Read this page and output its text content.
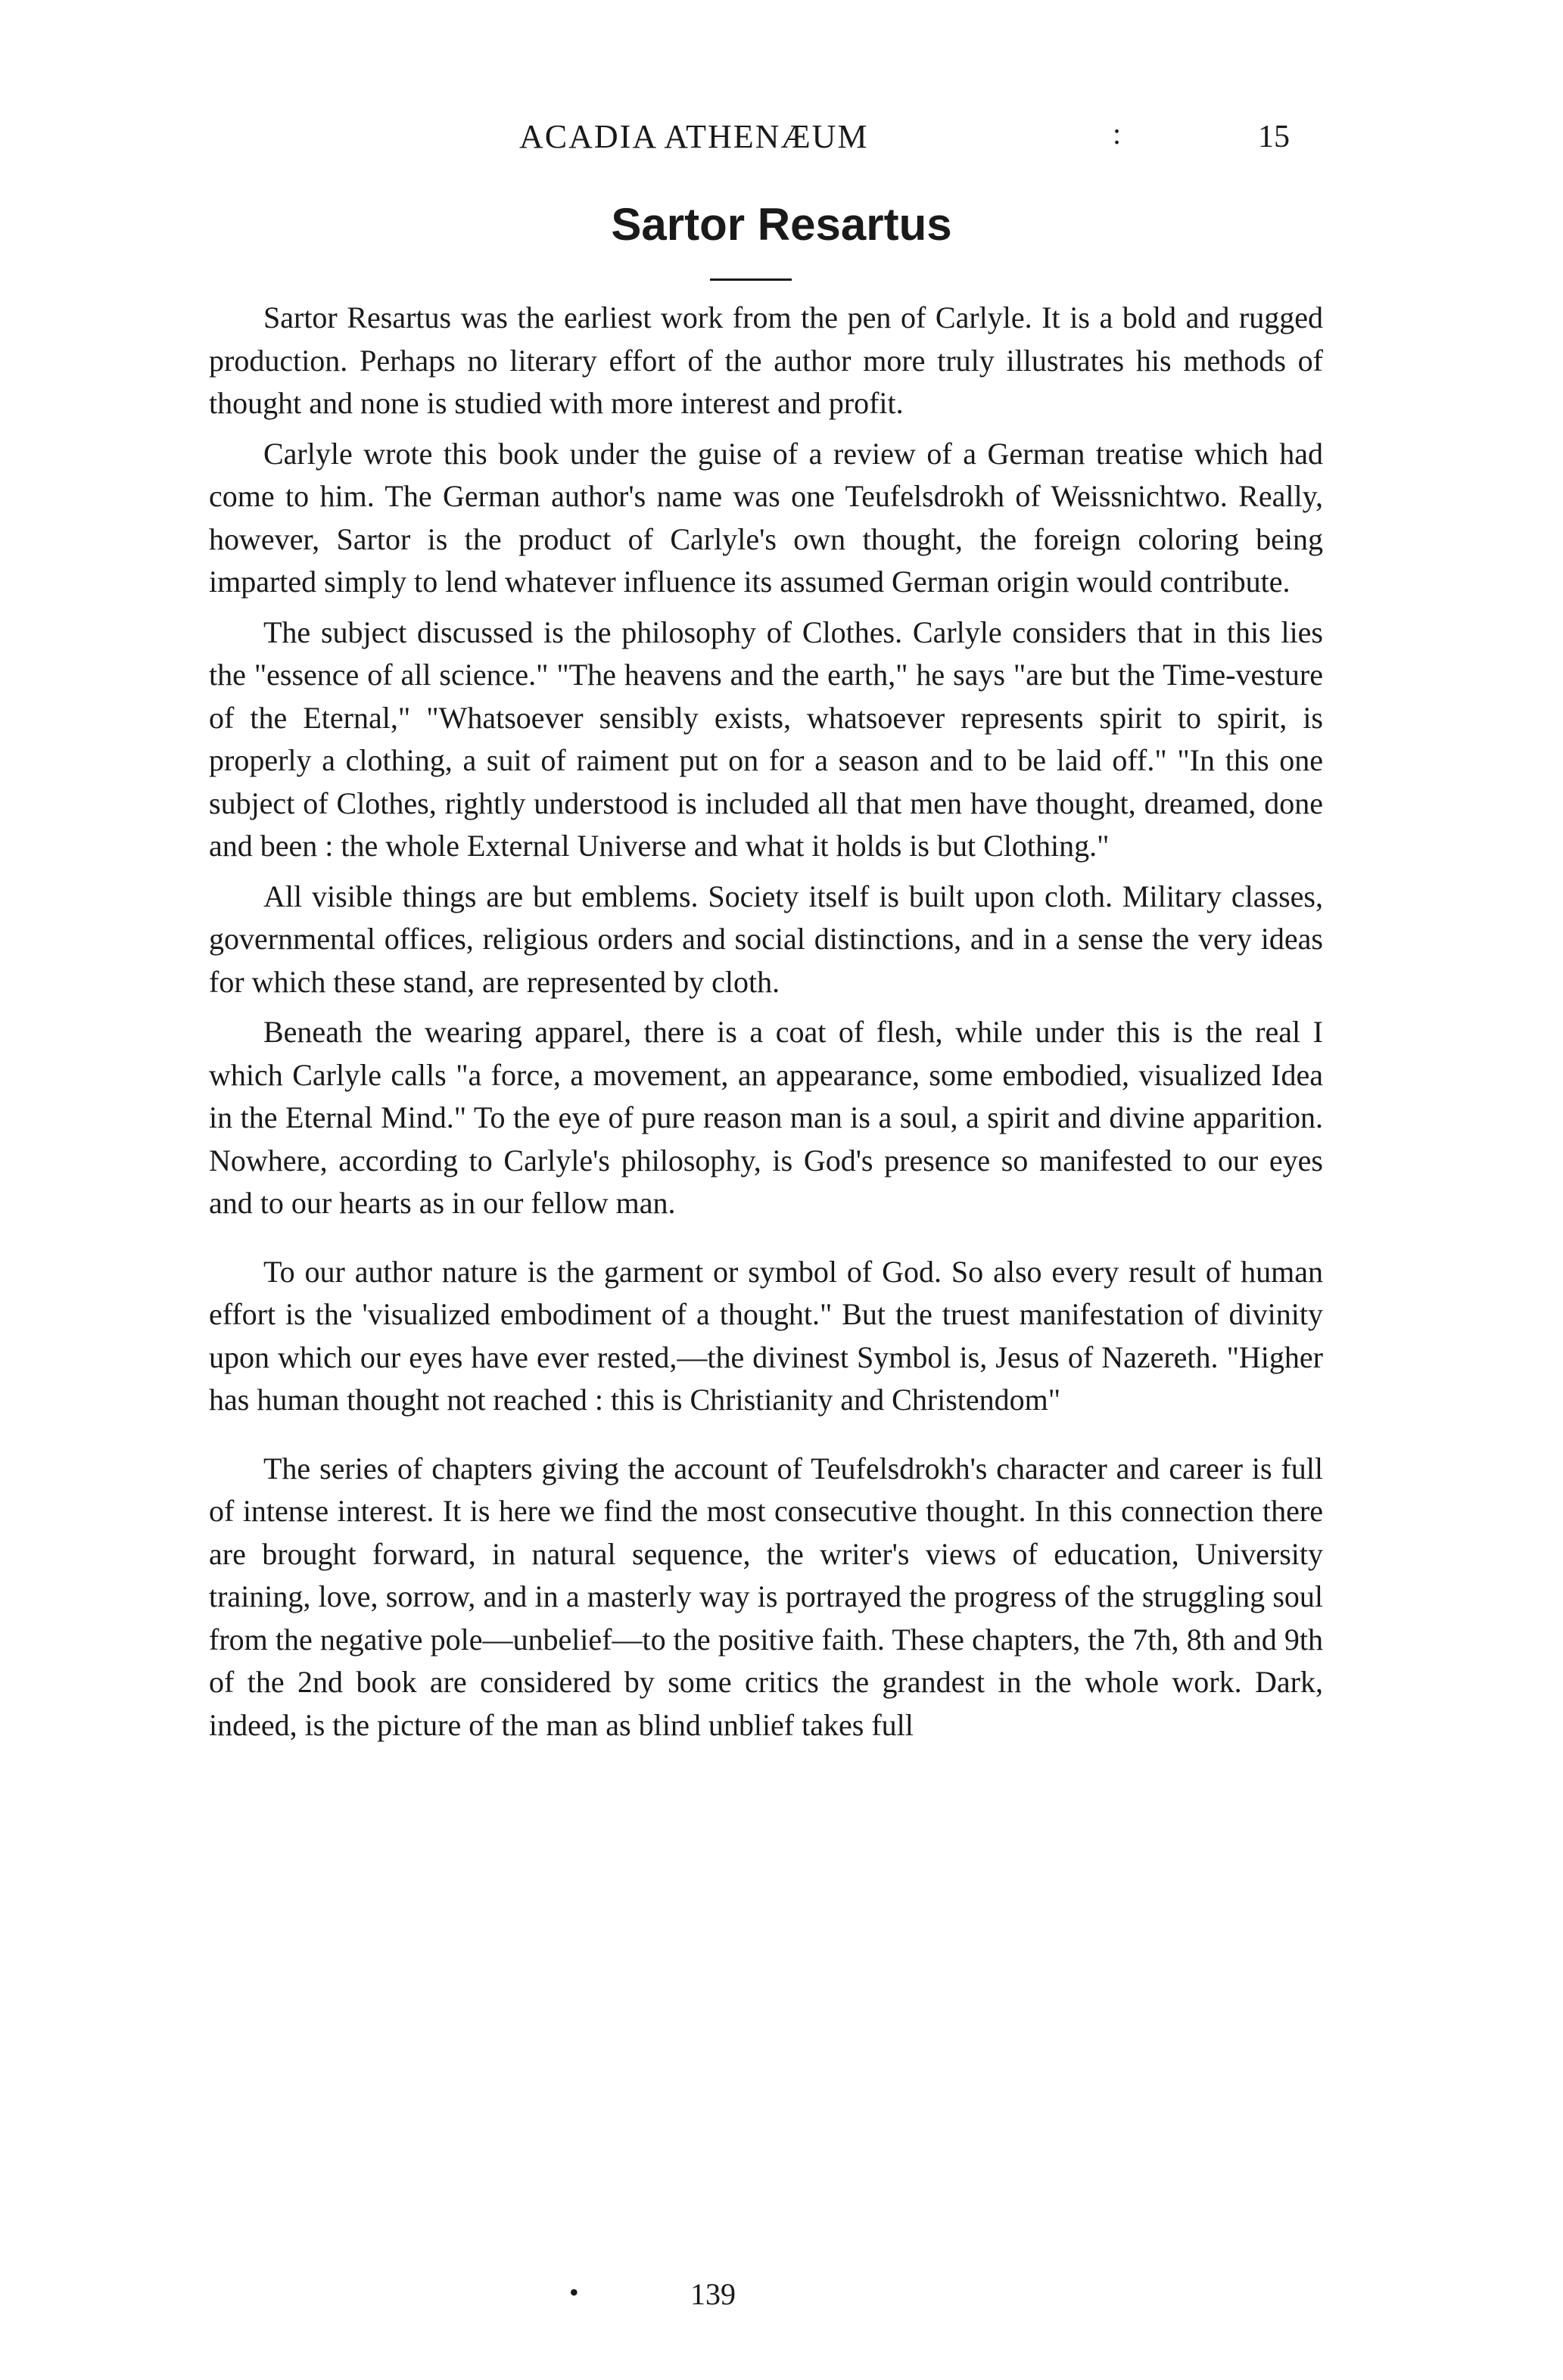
ACADIA ATHENÆUM	:	15
Sartor Resartus

Sartor Resartus was the earliest work from the pen of Carlyle. It is a bold and rugged production. Perhaps no literary effort of the author more truly illustrates his methods of thought and none is studied with more interest and profit.

Carlyle wrote this book under the guise of a review of a German treatise which had come to him. The German author's name was one Teufelsdrokh of Weissnichtwo. Really, however, Sartor is the product of Carlyle's own thought, the foreign coloring being imparted simply to lend whatever influence its assumed German origin would contribute.

The subject discussed is the philosophy of Clothes. Carlyle considers that in this lies the "essence of all science." "The heavens and the earth," he says "are but the Time-vesture of the Eternal," "Whatsoever sensibly exists, whatsoever represents spirit to spirit, is properly a clothing, a suit of raiment put on for a season and to be laid off." "In this one subject of Clothes, rightly understood is included all that men have thought, dreamed, done and been : the whole External Universe and what it holds is but Clothing."

All visible things are but emblems. Society itself is built upon cloth. Military classes, governmental offices, religious orders and social distinctions, and in a sense the very ideas for which these stand, are represented by cloth.

Beneath the wearing apparel, there is a coat of flesh, while under this is the real I which Carlyle calls "a force, a movement, an appearance, some embodied, visualized Idea in the Eternal Mind." To the eye of pure reason man is a soul, a spirit and divine apparition. Nowhere, according to Carlyle's philosophy, is God's presence so manifested to our eyes and to our hearts as in our fellow man.

To our author nature is the garment or symbol of God. So also every result of human effort is the 'visualized embodiment of a thought." But the truest manifestation of divinity upon which our eyes have ever rested,—the divinest Symbol is, Jesus of Nazereth. "Higher has human thought not reached : this is Christianity and Christendom"

The series of chapters giving the account of Teufelsdrokh's character and career is full of intense interest. It is here we find the most consecutive thought. In this connection there are brought forward, in natural sequence, the writer's views of education, University training, love, sorrow, and in a masterly way is portrayed the progress of the struggling soul from the negative pole—unbelief—to the positive faith. These chapters, the 7th, 8th and 9th of the 2nd book are considered by some critics the grandest in the whole work. Dark, indeed, is the picture of the man as blind unblief takes full

•	139
